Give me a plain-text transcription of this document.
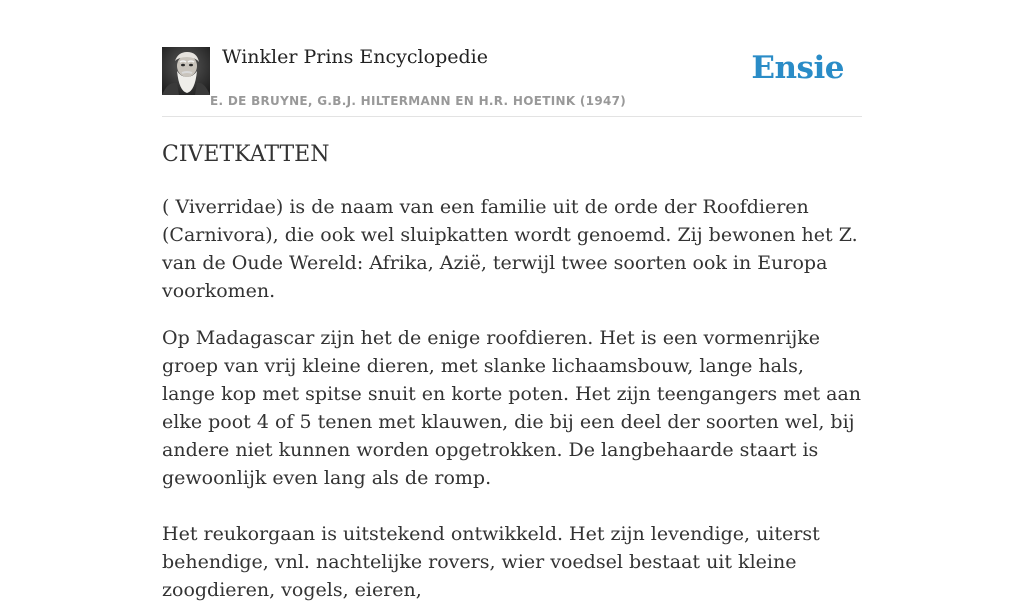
Winkler Prins Encyclopedie
E. DE BRUYNE, G.B.J. HILTERMANN EN H.R. HOETINK (1947)
Ensie
CIVETKATTEN

( Viverridae) is de naam van een familie uit de orde der Roofdieren (Carnivora), die ook wel sluipkatten wordt genoemd. Zij bewonen het Z. van de Oude Wereld: Afrika, Azië, terwijl twee soorten ook in Europa voorkomen.

Op Madagascar zijn het de enige roofdieren. Het is een vormenrijke groep van vrij kleine dieren, met slanke lichaamsbouw, lange hals, lange kop met spitse snuit en korte poten. Het zijn teengangers met aan elke poot 4 of 5 tenen met klauwen, die bij een deel der soorten wel, bij andere niet kunnen worden opgetrokken. De langbehaarde staart is gewoonlijk even lang als de romp.

Het reukorgaan is uitstekend ontwikkeld. Het zijn levendige, uiterst behendige, vnl. nachtelijke rovers, wier voedsel bestaat uit kleine zoogdieren, vogels, eieren,
